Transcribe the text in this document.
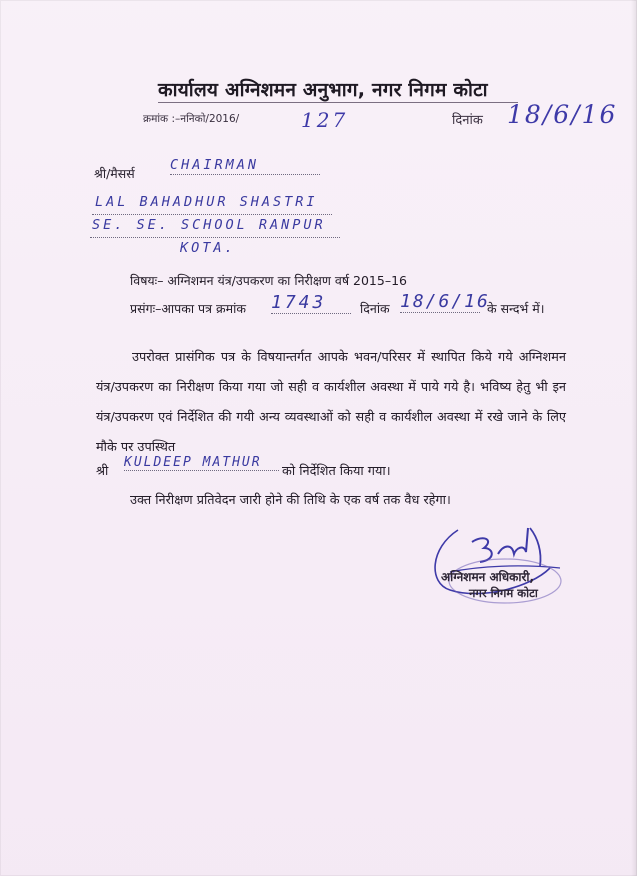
कार्यालय अग्निशमन अनुभाग, नगर निगम कोटा
क्रमांक :–ननिको/2016/	127	दिनांक 18/6/16
श्री/मैसर्स
CHAIRMAN
LAL BAHADHUR SHASTRI
SE. SE. SCHOOL RANPUR
KOTA.
विषयः– अग्निशमन यंत्र/उपकरण का निरीक्षण वर्ष 2015–16
प्रसंगः–आपका पत्र क्रमांक 1743	दिनांक 18/6/16
के सन्दर्भ में।
उपरोक्त प्रासंगिक पत्र के विषयान्तर्गत आपके भवन/परिसर में स्थापित किये गये अग्निशमन यंत्र/उपकरण का निरीक्षण किया गया जो सही व कार्यशील अवस्था में पाये गये है। भविष्य हेतु भी इन यंत्र/उपकरण एवं निर्देशित की गयी अन्य व्यवस्थाओं को सही व कार्यशील अवस्था में रखे जाने के लिए मौके पर उपस्थित
श्री
KULDEEP MATHUR
को निर्देशित किया गया।
उक्त निरीक्षण प्रतिवेदन जारी होने की तिथि के एक वर्ष तक वैध रहेगा।
अग्निशमन अधिकारी,
नगर निगम कोटा
